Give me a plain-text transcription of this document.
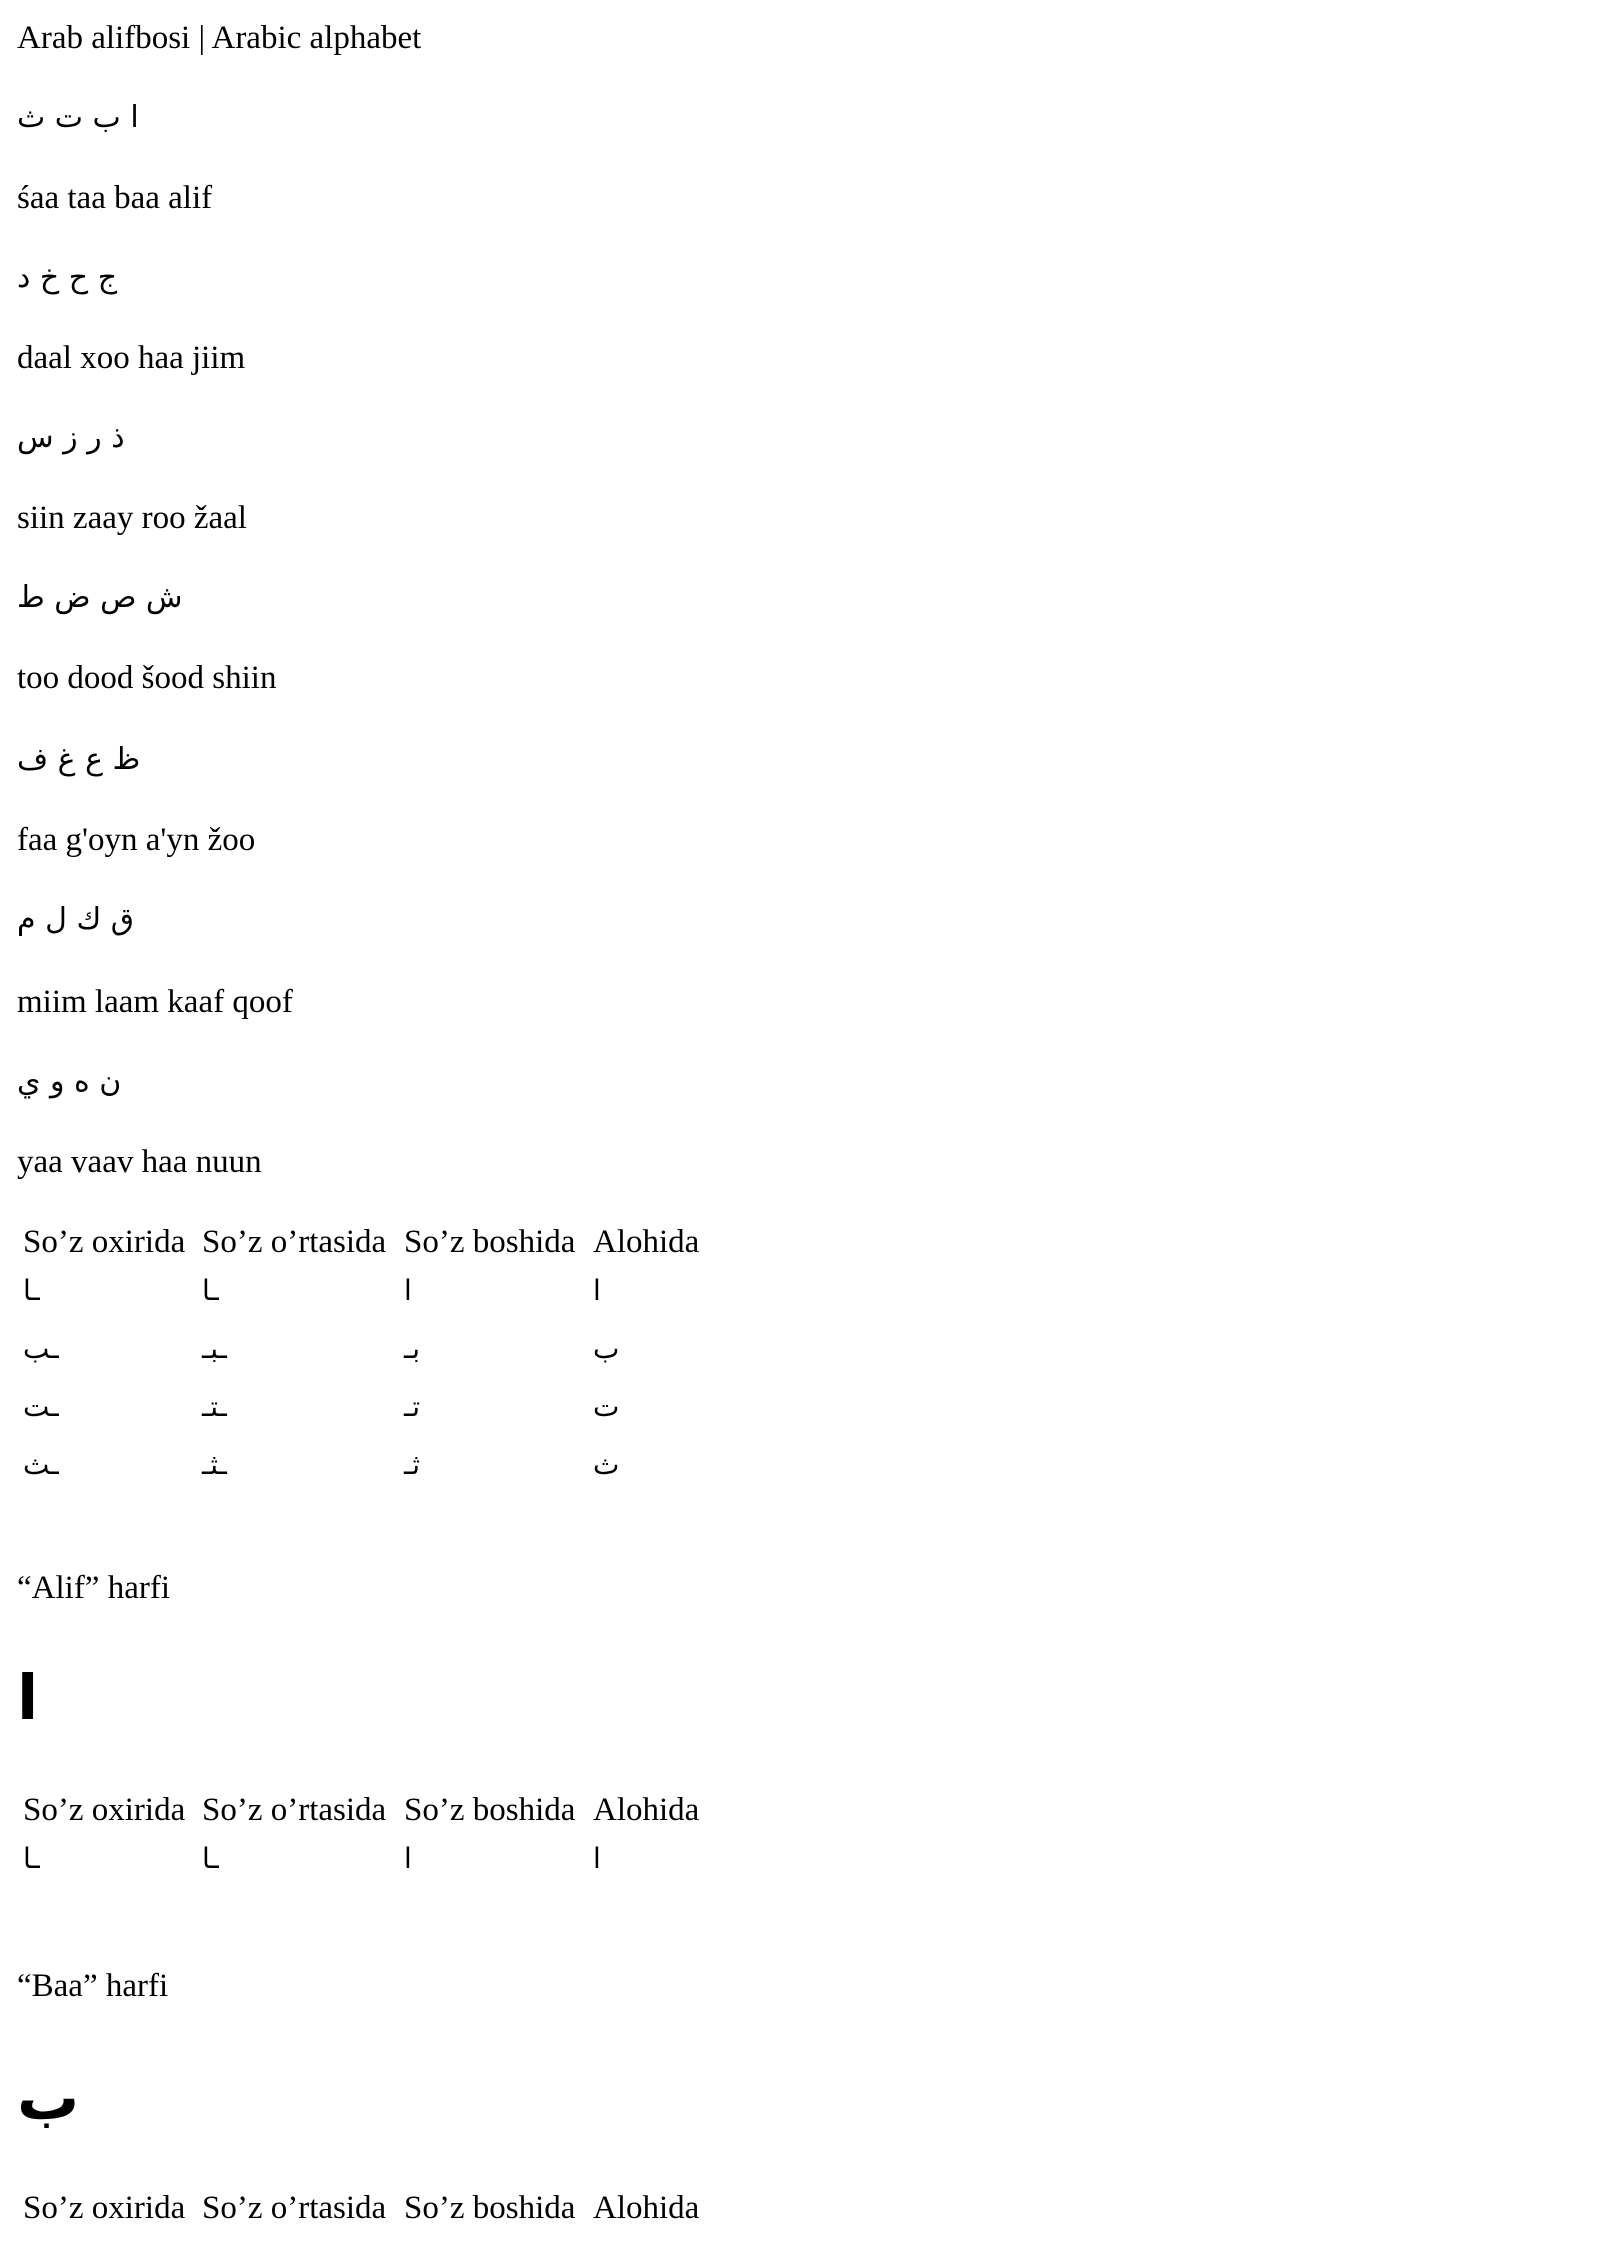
Arab alifbosi | Arabic alphabet
ا ب ت ث
śaa taa baa alif
ج ح خ د
daal xoo haa jiim
ذ ر ز س
siin zaay roo žaal
ش ص ض ط
too dood šood shiin
ظ ع غ ف
faa g'oyn a'yn žoo
ق ك ل م
miim laam kaaf qoof
ن ه و ي
yaa vaav haa nuun
So’z oxirida	So’z o’rtasida	So’z boshida	Alohida
ـا	ـا	ا	ا
ـب	ـبـ	بـ	ب
ـت	ـتـ	تـ	ت
ـث	ـثـ	ثـ	ث
“Alif” harfi
ا
So’z oxirida	So’z o’rtasida	So’z boshida	Alohida
ـا	ـا	ا	ا
“Baa” harfi
ب
So’z oxirida	So’z o’rtasida	So’z boshida	Alohida
